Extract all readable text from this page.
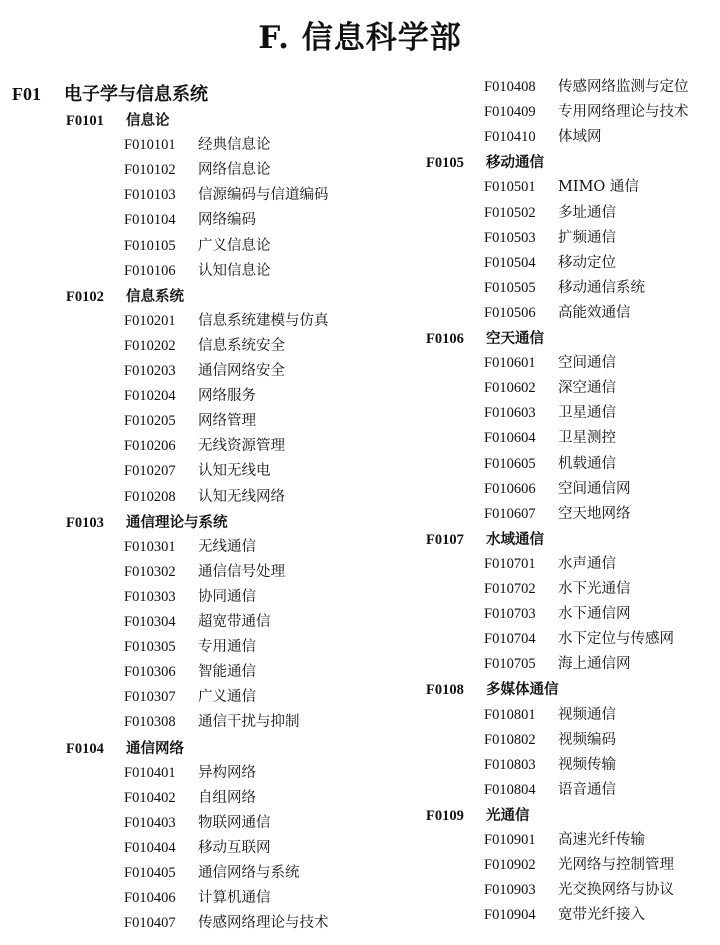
F. 信息科学部
F01 电子学与信息系统
F0101 信息论
F010101 经典信息论
F010102 网络信息论
F010103 信源编码与信道编码
F010104 网络编码
F010105 广义信息论
F010106 认知信息论
F0102 信息系统
F010201 信息系统建模与仿真
F010202 信息系统安全
F010203 通信网络安全
F010204 网络服务
F010205 网络管理
F010206 无线资源管理
F010207 认知无线电
F010208 认知无线网络
F0103 通信理论与系统
F010301 无线通信
F010302 通信信号处理
F010303 协同通信
F010304 超宽带通信
F010305 专用通信
F010306 智能通信
F010307 广义通信
F010308 通信干扰与抑制
F0104 通信网络
F010401 异构网络
F010402 自组网络
F010403 物联网通信
F010404 移动互联网
F010405 通信网络与系统
F010406 计算机通信
F010407 传感网络理论与技术
F010408 传感网络监测与定位
F010409 专用网络理论与技术
F010410 体域网
F0105 移动通信
F010501 MIMO 通信
F010502 多址通信
F010503 扩频通信
F010504 移动定位
F010505 移动通信系统
F010506 高能效通信
F0106 空天通信
F010601 空间通信
F010602 深空通信
F010603 卫星通信
F010604 卫星测控
F010605 机载通信
F010606 空间通信网
F010607 空天地网络
F0107 水域通信
F010701 水声通信
F010702 水下光通信
F010703 水下通信网
F010704 水下定位与传感网
F010705 海上通信网
F0108 多媒体通信
F010801 视频通信
F010802 视频编码
F010803 视频传输
F010804 语音通信
F0109 光通信
F010901 高速光纤传输
F010902 光网络与控制管理
F010903 光交换网络与协议
F010904 宽带光纤接入
